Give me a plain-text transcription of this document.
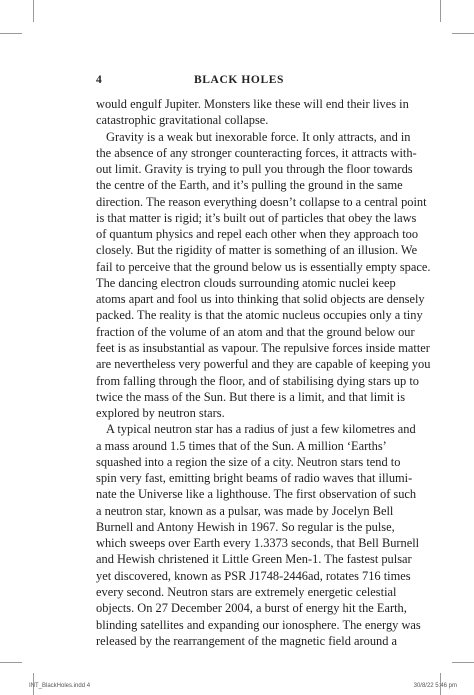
4	BLACK HOLES
would engulf Jupiter. Monsters like these will end their lives in
catastrophic gravitational collapse.
Gravity is a weak but inexorable force. It only attracts, and in
the absence of any stronger counteracting forces, it attracts with-
out limit. Gravity is trying to pull you through the floor towards
the centre of the Earth, and it’s pulling the ground in the same
direction. The reason everything doesn’t collapse to a central point
is that matter is rigid; it’s built out of particles that obey the laws
of quantum physics and repel each other when they approach too
closely. But the rigidity of matter is something of an illusion. We
fail to perceive that the ground below us is essentially empty space.
The dancing electron clouds surrounding atomic nuclei keep
atoms apart and fool us into thinking that solid objects are densely
packed. The reality is that the atomic nucleus occupies only a tiny
fraction of the volume of an atom and that the ground below our
feet is as insubstantial as vapour. The repulsive forces inside matter
are nevertheless very powerful and they are capable of keeping you
from falling through the floor, and of stabilising dying stars up to
twice the mass of the Sun. But there is a limit, and that limit is
explored by neutron stars.
A typical neutron star has a radius of just a few kilometres and
a mass around 1.5 times that of the Sun. A million ‘Earths’
squashed into a region the size of a city. Neutron stars tend to
spin very fast, emitting bright beams of radio waves that illumi-
nate the Universe like a lighthouse. The first observation of such
a neutron star, known as a pulsar, was made by Jocelyn Bell
Burnell and Antony Hewish in 1967. So regular is the pulse,
which sweeps over Earth every 1.3373 seconds, that Bell Burnell
and Hewish christened it Little Green Men-1. The fastest pulsar
yet discovered, known as PSR J1748-2446ad, rotates 716 times
every second. Neutron stars are extremely energetic celestial
objects. On 27 December 2004, a burst of energy hit the Earth,
blinding satellites and expanding our ionosphere. The energy was
released by the rearrangement of the magnetic field around a
INT_BlackHoles.indd 4	30/8/22 5:46 pm
